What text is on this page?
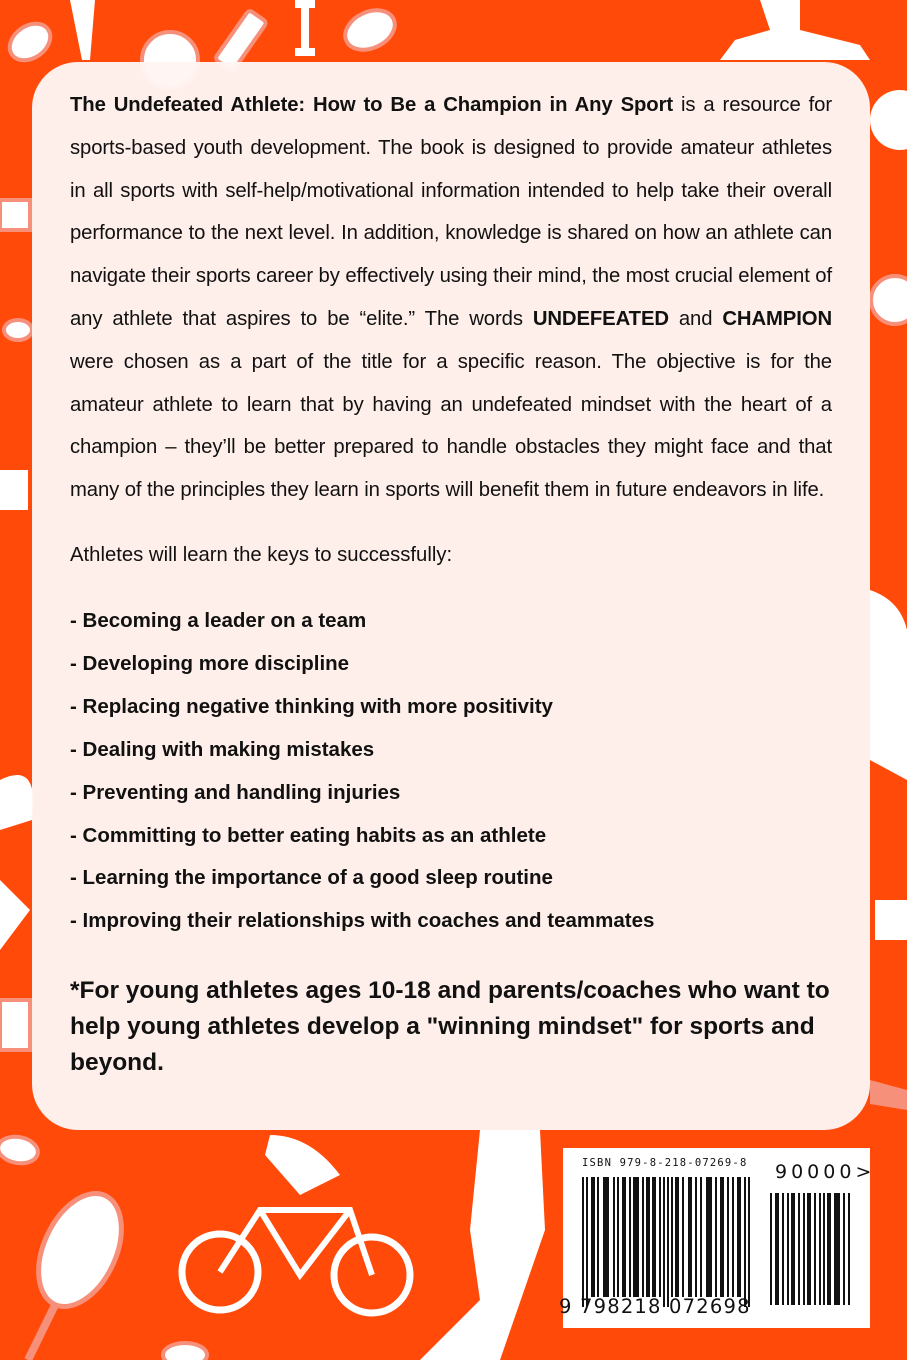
The Undefeated Athlete: How to Be a Champion in Any Sport is a resource for sports-based youth development. The book is designed to provide amateur athletes in all sports with self-help/motivational information intended to help take their overall performance to the next level. In addition, knowledge is shared on how an athlete can navigate their sports career by effectively using their mind, the most crucial element of any athlete that aspires to be “elite.” The words UNDEFEATED and CHAMPION were chosen as a part of the title for a specific reason. The objective is for the amateur athlete to learn that by having an undefeated mindset with the heart of a champion – they’ll be better prepared to handle obstacles they might face and that many of the principles they learn in sports will benefit them in future endeavors in life.

Athletes will learn the keys to successfully:

- Becoming a leader on a team
- Developing more discipline
- Replacing negative thinking with more positivity
- Dealing with making mistakes
- Preventing and handling injuries
- Committing to better eating habits as an athlete
- Learning the importance of a good sleep routine
- Improving their relationships with coaches and teammates

*For young athletes ages 10-18 and parents/coaches who want to help young athletes develop a "winning mindset" for sports and beyond.

ISBN 979-8-218-07269-8 90000>
9 798218 072698
